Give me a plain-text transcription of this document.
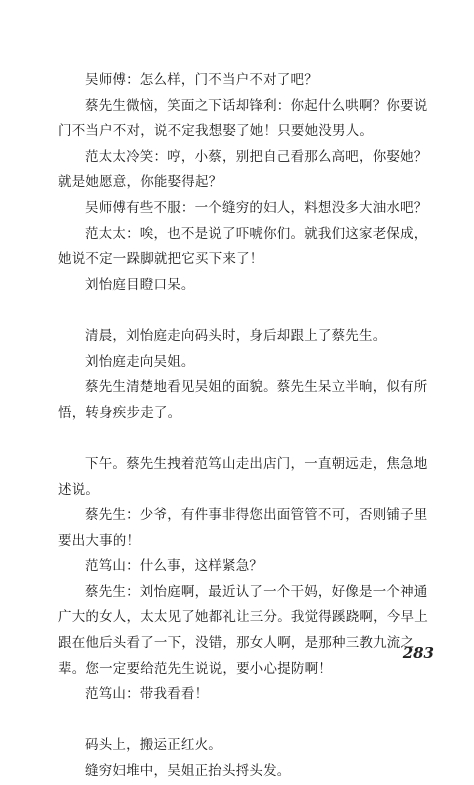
吴师傅：怎么样，门不当户不对了吧？

蔡先生微恼，笑面之下话却锋利：你起什么哄啊？你要说门不当户不对，说不定我想娶了她！只要她没男人。

范太太冷笑：哼，小蔡，别把自己看那么高吧，你娶她？就是她愿意，你能娶得起？

吴师傅有些不服：一个缝穷的妇人，料想没多大油水吧？

范太太：唉，也不是说了吓唬你们。就我们这家老保成，她说不定一跺脚就把它买下来了！

刘怡庭目瞪口呆。

清晨，刘怡庭走向码头时，身后却跟上了蔡先生。

刘怡庭走向吴姐。

蔡先生清楚地看见吴姐的面貌。蔡先生呆立半晌，似有所悟，转身疾步走了。

下午。蔡先生拽着范笃山走出店门，一直朝远走，焦急地述说。

蔡先生：少爷，有件事非得您出面管管不可，否则铺子里要出大事的！

范笃山：什么事，这样紧急？

蔡先生：刘怡庭啊，最近认了一个干妈，好像是一个神通广大的女人，太太见了她都礼让三分。我觉得蹊跷啊，今早上跟在他后头看了一下，没错，那女人啊，是那种三教九流之辈。您一定要给范先生说说，要小心提防啊！

范笃山：带我看看！

码头上，搬运正红火。

缝穷妇堆中，吴姐正抬头捋头发。

283
